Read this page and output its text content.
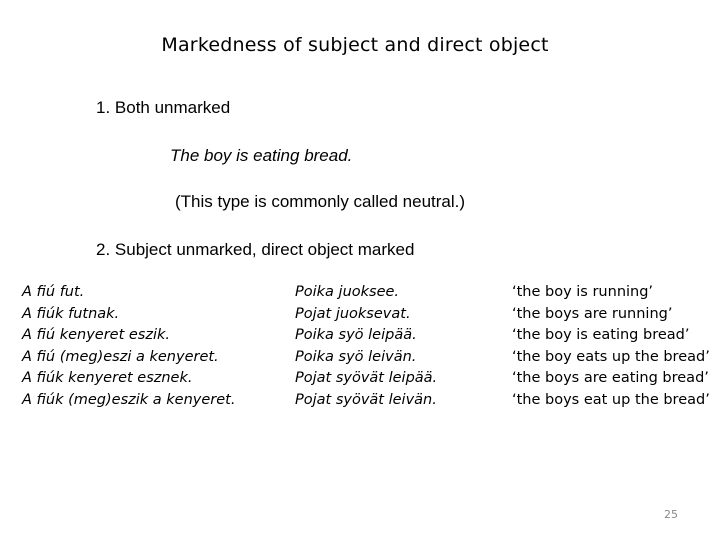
Markedness of subject and direct object
1. Both unmarked
The boy is eating bread.
(This type is commonly called neutral.)
2. Subject unmarked, direct object marked
A fiú fut.
A fiúk futnak.
A fiú kenyeret eszik.
A fiú (meg)eszi a kenyeret.
A fiúk kenyeret esznek.
A fiúk (meg)eszik a kenyeret.
Poika juoksee.
Pojat juoksevat.
Poika syö leipää.
Poika syö leivän.
Pojat syövät leipää.
Pojat syövät leivän.
‘the boy is running’
‘the boys are running’
‘the boy is eating bread’
‘the boy eats up the bread’
‘the boys are eating bread’
‘the boys eat up the bread’
25
